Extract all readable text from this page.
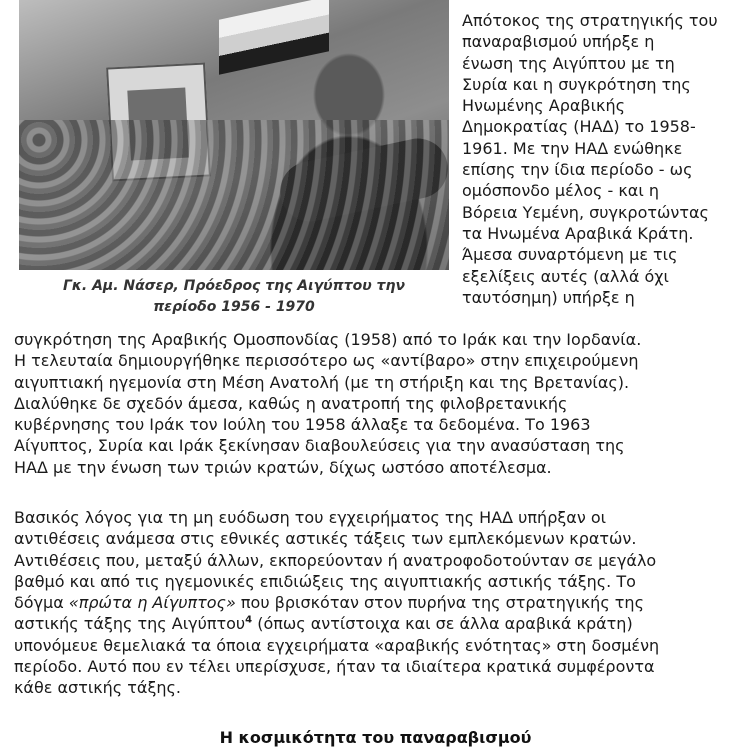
Γκ. Αμ. Νάσερ, Πρόεδρος της Αιγύπτου την
περίοδο 1956 - 1970

Απότοκος της στρατηγικής του
παναραβισμού υπήρξε η
ένωση της Αιγύπτου με τη
Συρία και η συγκρότηση της
Ηνωμένης Αραβικής
Δημοκρατίας (ΗΑΔ) το 1958-
1961. Με την ΗΑΔ ενώθηκε
επίσης την ίδια περίοδο - ως
ομόσπονδο μέλος - και η
Βόρεια Υεμένη, συγκροτώντας
τα Ηνωμένα Αραβικά Κράτη.
Άμεσα συναρτόμενη με τις
εξελίξεις αυτές (αλλά όχι
ταυτόσημη) υπήρξε η

συγκρότηση της Αραβικής Ομοσπονδίας (1958) από το Ιράκ και την Ιορδανία.
Η τελευταία δημιουργήθηκε περισσότερο ως «αντίβαρο» στην επιχειρούμενη
αιγυπτιακή ηγεμονία στη Μέση Ανατολή (με τη στήριξη και της Βρετανίας).
Διαλύθηκε δε σχεδόν άμεσα, καθώς η ανατροπή της φιλοβρετανικής
κυβέρνησης του Ιράκ τον Ιούλη του 1958 άλλαξε τα δεδομένα. Το 1963
Αίγυπτος, Συρία και Ιράκ ξεκίνησαν διαβουλεύσεις για την ανασύσταση της
ΗΑΔ με την ένωση των τριών κρατών, δίχως ωστόσο αποτέλεσμα.

Βασικός λόγος για τη μη ευόδωση του εγχειρήματος της ΗΑΔ υπήρξαν οι
αντιθέσεις ανάμεσα στις εθνικές αστικές τάξεις των εμπλεκόμενων κρατών.
Αντιθέσεις που, μεταξύ άλλων, εκπορεύονταν ή ανατροφοδοτούνταν σε μεγάλο
βαθμό και από τις ηγεμονικές επιδιώξεις της αιγυπτιακής αστικής τάξης. Το
δόγμα «πρώτα η Αίγυπτος» που βρισκόταν στον πυρήνα της στρατηγικής της
αστικής τάξης της Αιγύπτου$^4$ (όπως αντίστοιχα και σε άλλα αραβικά κράτη)
υπονόμευε θεμελιακά τα όποια εγχειρήματα «αραβικής ενότητας» στη δοσμένη
περίοδο. Αυτό που εν τέλει υπερίσχυσε, ήταν τα ιδιαίτερα κρατικά συμφέροντα
κάθε αστικής τάξης.

Η κοσμικότητα του παναραβισμού
